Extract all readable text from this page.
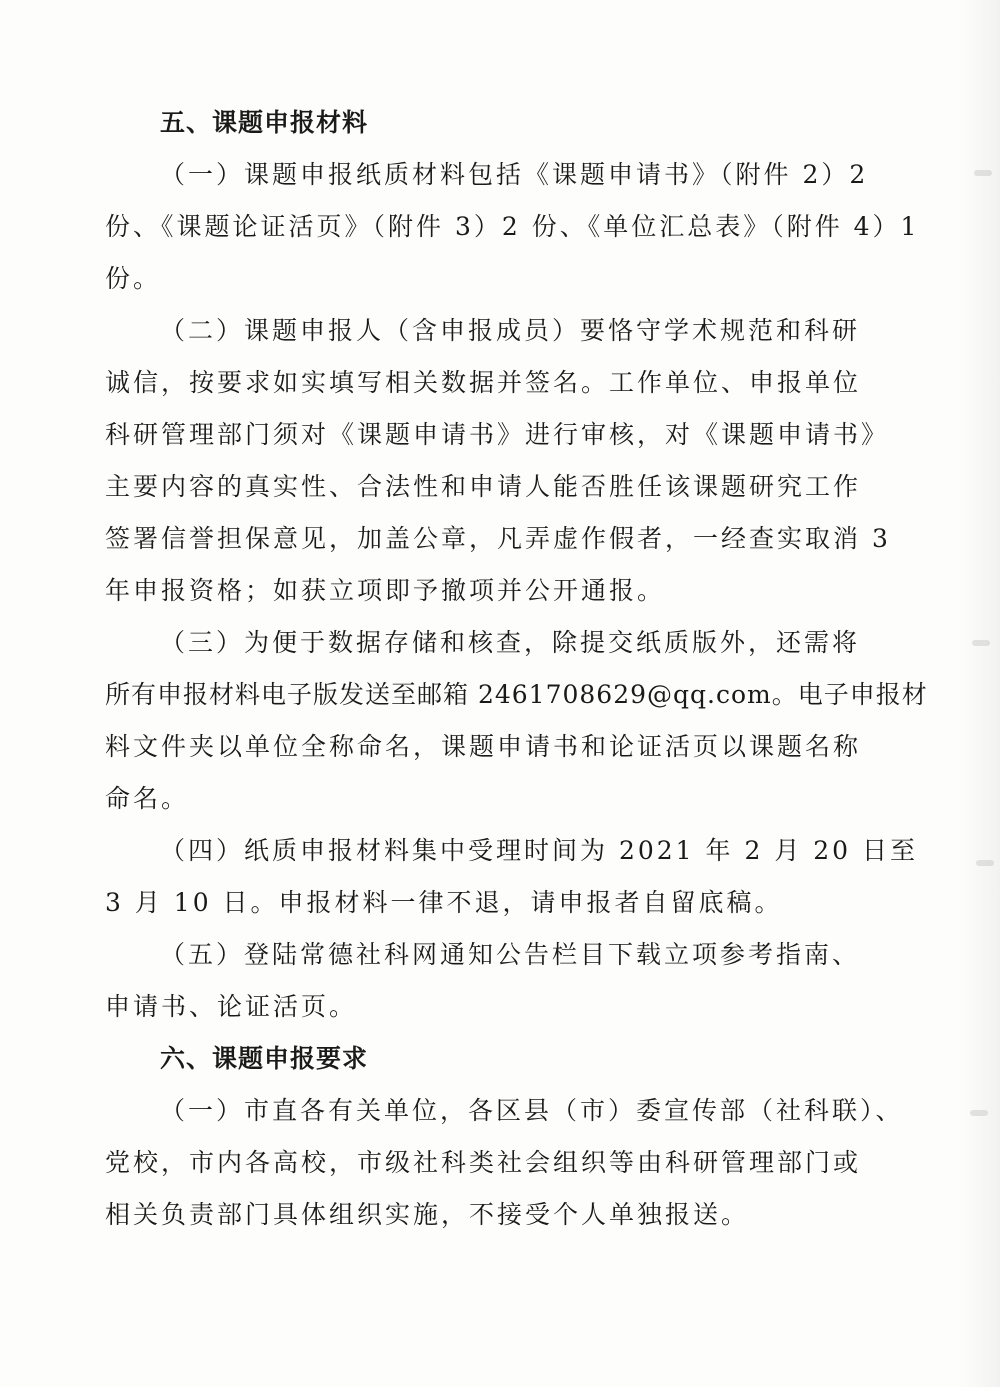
五、课题申报材料
（一）课题申报纸质材料包括《课题申请书》（附件 2）2
份、《课题论证活页》（附件 3）2 份、《单位汇总表》（附件 4）1
份。
（二）课题申报人（含申报成员）要恪守学术规范和科研
诚信，按要求如实填写相关数据并签名。工作单位、申报单位
科研管理部门须对《课题申请书》进行审核，对《课题申请书》
主要内容的真实性、合法性和申请人能否胜任该课题研究工作
签署信誉担保意见，加盖公章，凡弄虚作假者，一经查实取消 3
年申报资格；如获立项即予撤项并公开通报。
（三）为便于数据存储和核查，除提交纸质版外，还需将
所有申报材料电子版发送至邮箱 2461708629@qq.com。电子申报材
料文件夹以单位全称命名，课题申请书和论证活页以课题名称
命名。
（四）纸质申报材料集中受理时间为 2021 年 2 月 20 日至
3 月 10 日。申报材料一律不退，请申报者自留底稿。
（五）登陆常德社科网通知公告栏目下载立项参考指南、
申请书、论证活页。
六、课题申报要求
（一）市直各有关单位，各区县（市）委宣传部（社科联）、
党校，市内各高校，市级社科类社会组织等由科研管理部门或
相关负责部门具体组织实施，不接受个人单独报送。
